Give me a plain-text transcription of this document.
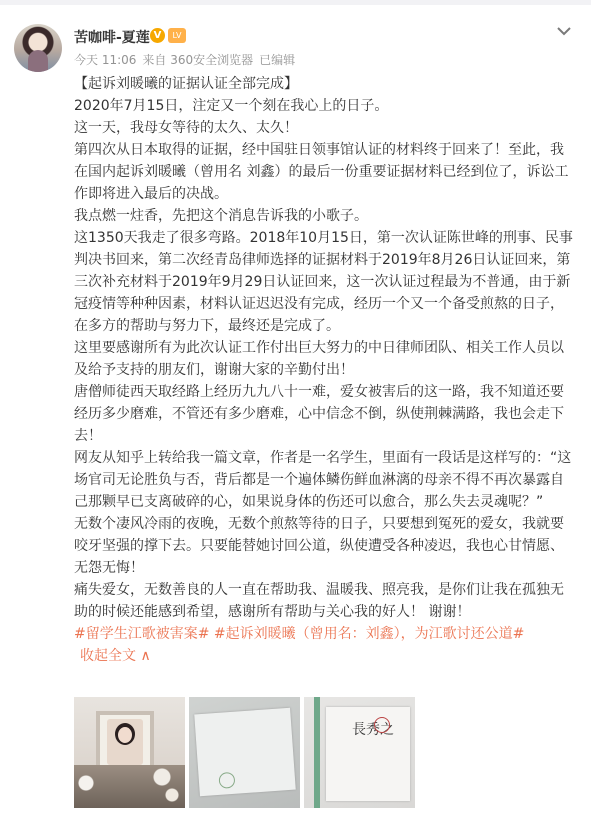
苦咖啡-夏莲 V	LV
今天 11:06 来自 360安全浏览器 已编辑

【起诉刘暖曦的证据认证全部完成】

2020年7月15日，注定又一个刻在我心上的日子。

这一天，我母女等待的太久、太久！

第四次从日本取得的证据，经中国驻日领事馆认证的材料终于回来了！至此，我在国内起诉刘暖曦（曾用名 刘鑫）的最后一份重要证据材料已经到位了，诉讼工作即将进入最后的决战。

我点燃一炷香，先把这个消息告诉我的小歌子。

这1350天我走了很多弯路。2018年10月15日，第一次认证陈世峰的刑事、民事判决书回来，第二次经青岛律师选择的证据材料于2019年8月26日认证回来，第三次补充材料于2019年9月29日认证回来，这一次认证过程最为不普通，由于新冠疫情等种种因素，材料认证迟迟没有完成，经历一个又一个备受煎熬的日子，在多方的帮助与努力下，最终还是完成了。

这里要感谢所有为此次认证工作付出巨大努力的中日律师团队、相关工作人员以及给予支持的朋友们，谢谢大家的辛勤付出！

唐僧师徒西天取经路上经历九九八十一难，爱女被害后的这一路，我不知道还要经历多少磨难，不管还有多少磨难，心中信念不倒，纵使荆棘满路，我也会走下去！

网友从知乎上转给我一篇文章，作者是一名学生，里面有一段话是这样写的：“这场官司无论胜负与否，背后都是一个遍体鳞伤鲜血淋漓的母亲不得不再次暴露自己那颗早已支离破碎的心，如果说身体的伤还可以愈合，那么失去灵魂呢？”

无数个凄风冷雨的夜晚，无数个煎熬等待的日子，只要想到冤死的爱女，我就要咬牙坚强的撑下去。只要能替她讨回公道，纵使遭受各种凌迟，我也心甘情愿、无怨无悔！

痛失爱女，无数善良的人一直在帮助我、温暖我、照亮我，是你们让我在孤独无助的时候还能感到希望，感谢所有帮助与关心我的好人！ 谢谢！

#留学生江歌被害案# #起诉刘暖曦（曾用名：刘鑫），为江歌讨还公道#

收起全文 ∧

長秀之
